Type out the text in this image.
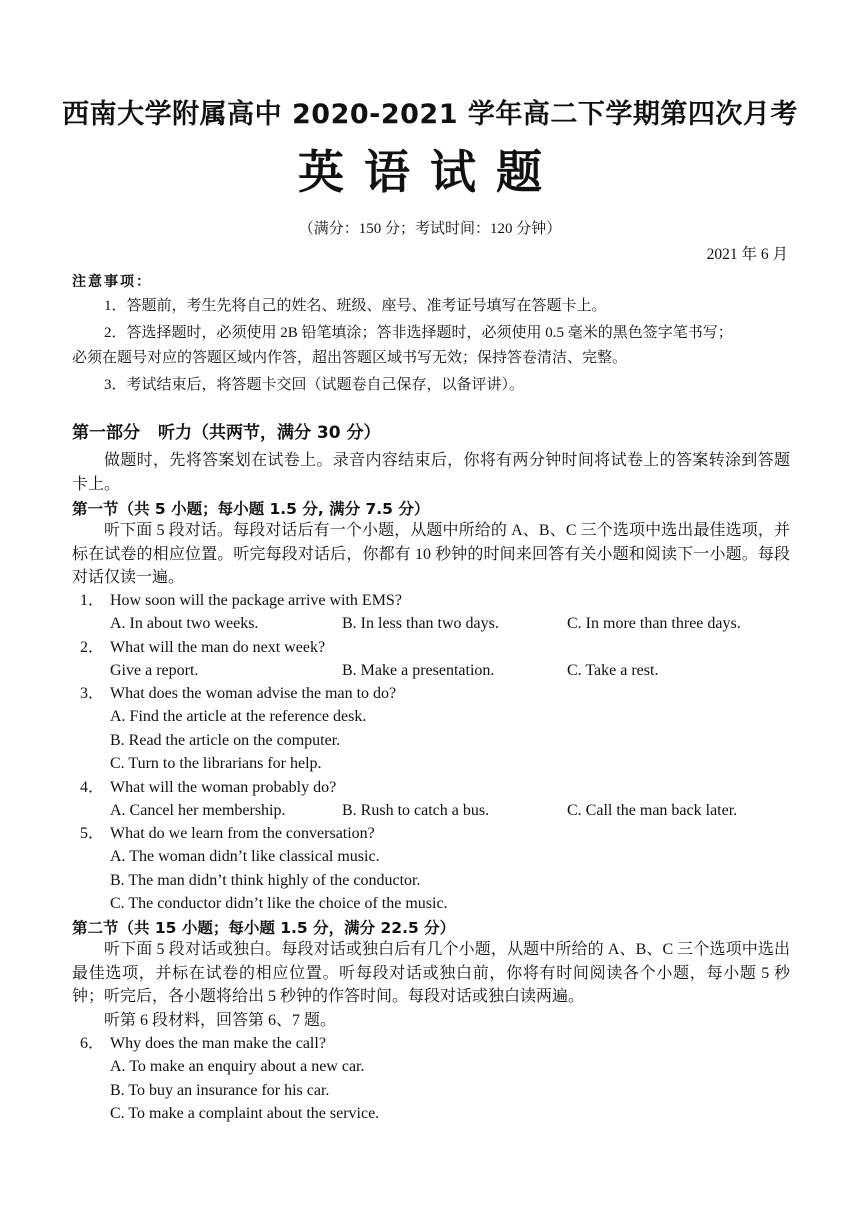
西南大学附属高中 2020-2021 学年高二下学期第四次月考
英语试题
（满分：150 分；考试时间：120 分钟）
2021 年 6 月
注意事项：
1．答题前，考生先将自己的姓名、班级、座号、准考证号填写在答题卡上。
2．答选择题时，必须使用 2B 铅笔填涂；答非选择题时，必须使用 0.5 毫米的黑色签字笔书写；
必须在题号对应的答题区域内作答，超出答题区域书写无效；保持答卷清洁、完整。
3．考试结束后，将答题卡交回（试题卷自己保存，以备评讲）。
第一部分 听力（共两节，满分 30 分）
做题时，先将答案划在试卷上。录音内容结束后，你将有两分钟时间将试卷上的答案转涂到答题卡上。
第一节（共 5 小题；每小题 1.5 分, 满分 7.5 分）
听下面 5 段对话。每段对话后有一个小题，从题中所给的 A、B、C 三个选项中选出最佳选项，并标在试卷的相应位置。听完每段对话后，你都有 10 秒钟的时间来回答有关小题和阅读下一小题。每段对话仅读一遍。
1． How soon will the package arrive with EMS?
A. In about two weeks.	B. In less than two days.	C. In more than three days.
2． What will the man do next week?
Give a report.	B. Make a presentation.	C. Take a rest.
3． What does the woman advise the man to do?
A. Find the article at the reference desk.
B. Read the article on the computer.
C. Turn to the librarians for help.
4． What will the woman probably do?
A. Cancel her membership.	B. Rush to catch a bus.	C. Call the man back later.
5． What do we learn from the conversation?
A. The woman didn’t like classical music.
B. The man didn’t think highly of the conductor.
C. The conductor didn’t like the choice of the music.
第二节（共 15 小题；每小题 1.5 分，满分 22.5 分）
听下面 5 段对话或独白。每段对话或独白后有几个小题，从题中所给的 A、B、C 三个选项中选出最佳选项，并标在试卷的相应位置。听每段对话或独白前，你将有时间阅读各个小题，每小题 5 秒钟；听完后，各小题将给出 5 秒钟的作答时间。每段对话或独白读两遍。
听第 6 段材料，回答第 6、7 题。
6． Why does the man make the call?
A. To make an enquiry about a new car.
B. To buy an insurance for his car.
C. To make a complaint about the service.
